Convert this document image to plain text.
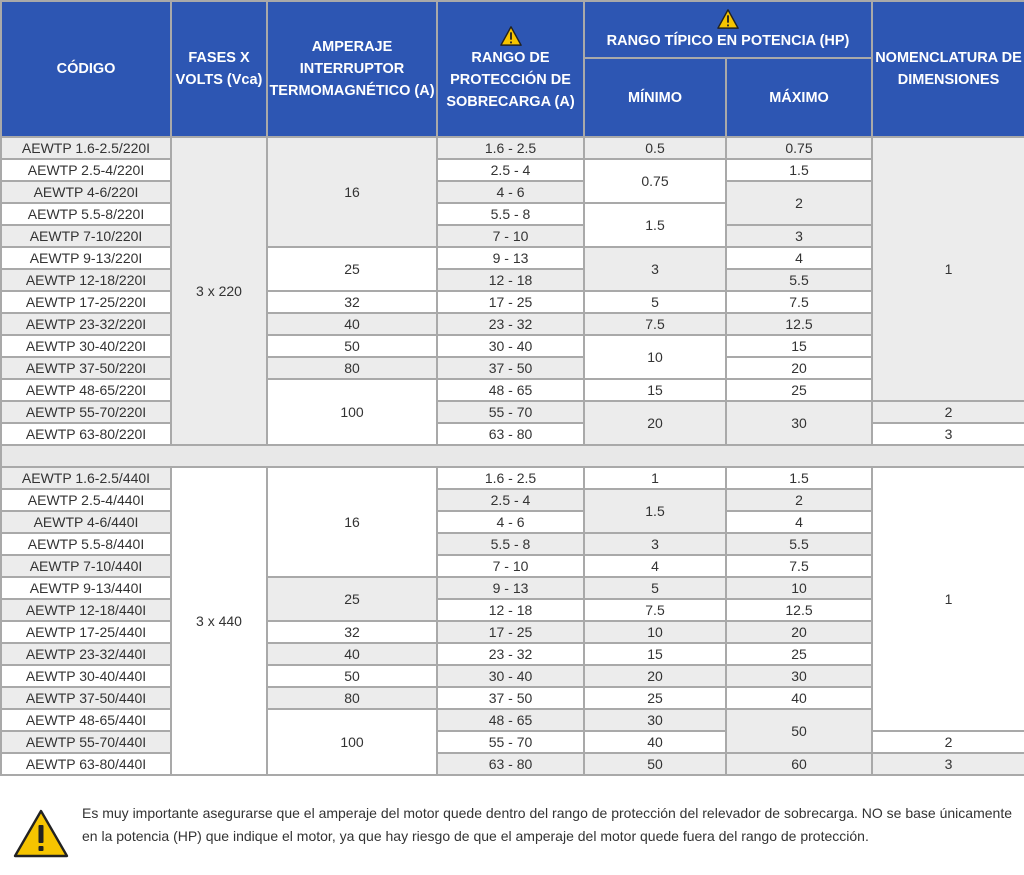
CÓDIGO	FASES X VOLTS (Vca)	AMPERAJE INTERRUPTOR TERMOMAGNÉTICO (A)	RANGO DE PROTECCIÓN DE SOBRECARGA (A)	RANGO TÍPICO EN POTENCIA (HP)		NOMENCLATURA DE DIMENSIONES
				MÍNIMO	MÁXIMO	
AEWTP 1.6-2.5/220I	3 x 220	16	1.6 - 2.5	0.5	0.75	1
AEWTP 2.5-4/220I			2.5 - 4	0.75	1.5	
AEWTP 4-6/220I			4 - 6		2	
AEWTP 5.5-8/220I			5.5 - 8	1.5		
AEWTP 7-10/220I			7 - 10		3	
AEWTP 9-13/220I		25	9 - 13	3	4	
AEWTP 12-18/220I			12 - 18		5.5	
AEWTP 17-25/220I		32	17 - 25	5	7.5	
AEWTP 23-32/220I		40	23 - 32	7.5	12.5	
AEWTP 30-40/220I		50	30 - 40	10	15	
AEWTP 37-50/220I		80	37 - 50		20	
AEWTP 48-65/220I		100	48 - 65	15	25	
AEWTP 55-70/220I			55 - 70	20	30	2
AEWTP 63-80/220I			63 - 80			3

AEWTP 1.6-2.5/440I	3 x 440	16	1.6 - 2.5	1	1.5	1
AEWTP 2.5-4/440I			2.5 - 4	1.5	2	
AEWTP 4-6/440I			4 - 6		4	
AEWTP 5.5-8/440I			5.5 - 8	3	5.5	
AEWTP 7-10/440I			7 - 10	4	7.5	
AEWTP 9-13/440I		25	9 - 13	5	10	
AEWTP 12-18/440I			12 - 18	7.5	12.5	
AEWTP 17-25/440I		32	17 - 25	10	20	
AEWTP 23-32/440I		40	23 - 32	15	25	
AEWTP 30-40/440I		50	30 - 40	20	30	
AEWTP 37-50/440I		80	37 - 50	25	40	
AEWTP 48-65/440I		100	48 - 65	30	50	
AEWTP 55-70/440I			55 - 70	40		2
AEWTP 63-80/440I			63 - 80	50	60	3
Es muy importante asegurarse que el amperaje del motor quede dentro del rango de protección del relevador de sobrecarga. NO se base únicamente en la potencia (HP) que indique el motor, ya que hay riesgo de que el amperaje del motor quede fuera del rango de protección.
